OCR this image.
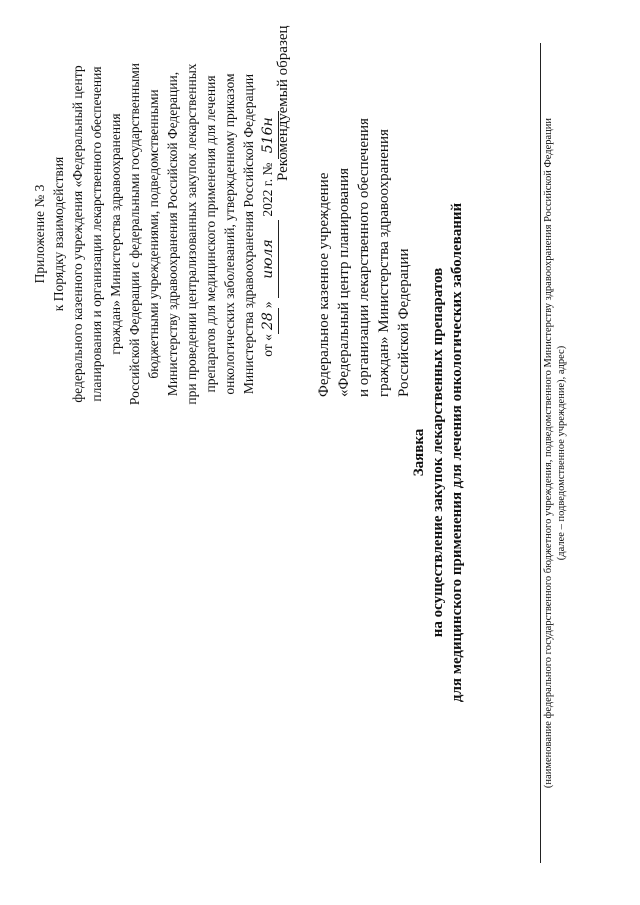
Приложение № 3 к Порядку взаимодействия федерального казенного учреждения «Федеральный центр планирования и организации лекарственного обеспечения граждан» Министерства здравоохранения Российской Федерации с федеральными государственными бюджетными учреждениями, подведомственными Министерству здравоохранения Российской Федерации, при проведении централизованных закупок лекарственных препаратов для медицинского применения для лечения онкологических заболеваний, утвержденному приказом Министерства здравоохранения Российской Федерации от «28» июля 2022 г. № 516н Рекомендуемый образец
Федеральное казенное учреждение «Федеральный центр планирования и организации лекарственного обеспечения граждан» Министерства здравоохранения Российской Федерации
Заявка на осуществление закупок лекарственных препаратов для медицинского применения для лечения онкологических заболеваний	(наименование федерального государственного бюджетного учреждения, подведомственного Министерству здравоохранения Российской Федерации (далее – подведомственное учреждение), адрес)
